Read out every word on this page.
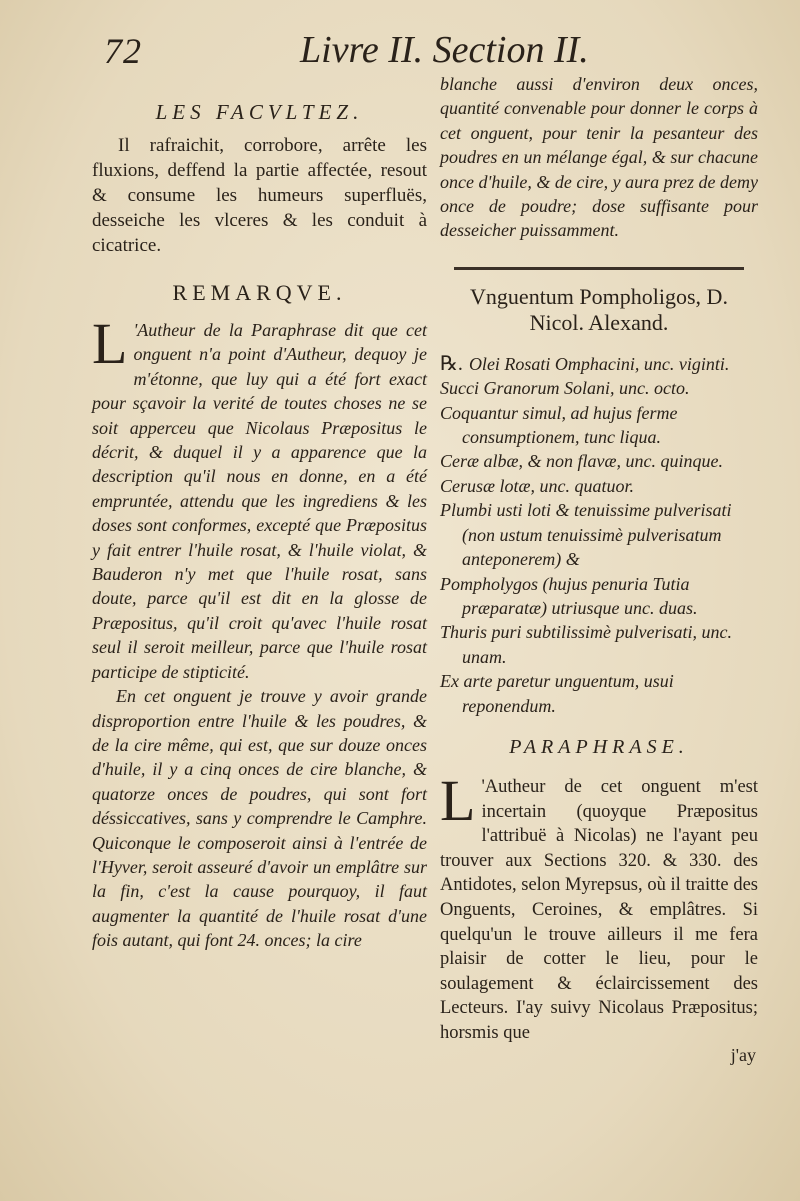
72	Livre II. Section II.
LES FACVLTEZ.

Il rafraichit, corrobore, arrête les fluxions, deffend la partie affectée, resout & consume les humeurs superfluës, desseiche les vlceres & les conduit à cicatrice.

REMARQVE.
L 'Autheur de la Paraphrase dit que cet onguent n'a point d'Autheur, dequoy je m'étonne, que luy qui a été fort exact pour sçavoir la verité de toutes choses ne se soit apperceu que Nicolaus Præpositus le décrit, & duquel il y a apparence que la description qu'il nous en donne, en a été empruntée, attendu que les ingrediens & les doses sont conformes, excepté que Præpositus y fait entrer l'huile rosat, & l'huile violat, & Bauderon n'y met que l'huile rosat, sans doute, parce qu'il est dit en la glosse de Præpositus, qu'il croit qu'avec l'huile rosat seul il seroit meilleur, parce que l'huile rosat participe de stipticité.

En cet onguent je trouve y avoir grande disproportion entre l'huile & les poudres, & de la cire même, qui est, que sur douze onces d'huile, il y a cinq onces de cire blanche, & quatorze onces de poudres, qui sont fort déssiccatives, sans y comprendre le Camphre. Quiconque le composeroit ainsi à l'entrée de l'Hyver, seroit asseuré d'avoir un emplâtre sur la fin, c'est la cause pourquoy, il faut augmenter la quantité de l'huile rosat d'une fois autant, qui font 24. onces; la cire

blanche aussi d'environ deux onces, quantité convenable pour donner le corps à cet onguent, pour tenir la pesanteur des poudres en un mélange égal, & sur chacune once d'huile, & de cire, y aura prez de demy once de poudre; dose suffisante pour desseicher puissamment.

Vnguentum Pompholigos, D.
Nicol. Alexand.

℞. Olei Rosati Omphacini, unc. viginti.

Succi Granorum Solani, unc. octo.

Coquantur simul, ad hujus ferme consumptionem, tunc liqua.

Ceræ albæ, & non flavæ, unc. quinque.

Cerusæ lotæ, unc. quatuor.

Plumbi usti loti & tenuissime pulverisati (non ustum tenuissimè pulverisatum anteponerem) &

Pompholygos (hujus penuria Tutia præparatæ) utriusque unc. duas.

Thuris puri subtilissimè pulverisati, unc. unam.

Ex arte paretur unguentum, usui reponendum.

PARAPHRASE.
L 'Autheur de cet onguent m'est incertain (quoyque Præpositus l'attribuë à Nicolas) ne l'ayant peu trouver aux Sections 320. & 330. des Antidotes, selon Myrepsus, où il traitte des Onguents, Ceroines, & emplâtres. Si quelqu'un le trouve ailleurs il me fera plaisir de cotter le lieu, pour le soulagement & éclaircissement des Lecteurs. I'ay suivy Nicolaus Præpositus; horsmis que

j'ay
